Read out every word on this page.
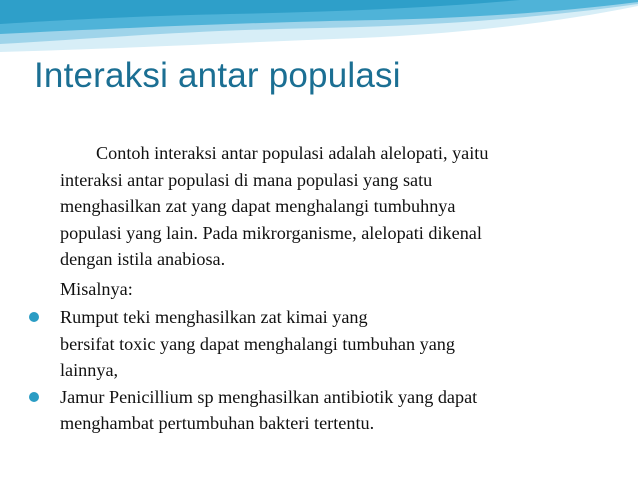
Interaksi antar populasi

Contoh interaksi antar populasi adalah alelopati, yaitu
interaksi antar populasi di mana populasi yang satu
menghasilkan zat yang dapat menghalangi tumbuhnya
populasi yang lain. Pada mikrorganisme, alelopati dikenal
dengan istila anabiosa.

Misalnya:
Rumput teki menghasilkan zat kimai yang
bersifat toxic yang dapat menghalangi tumbuhan yang
lainnya,
Jamur Penicillium sp menghasilkan antibiotik yang dapat
menghambat pertumbuhan bakteri tertentu.
